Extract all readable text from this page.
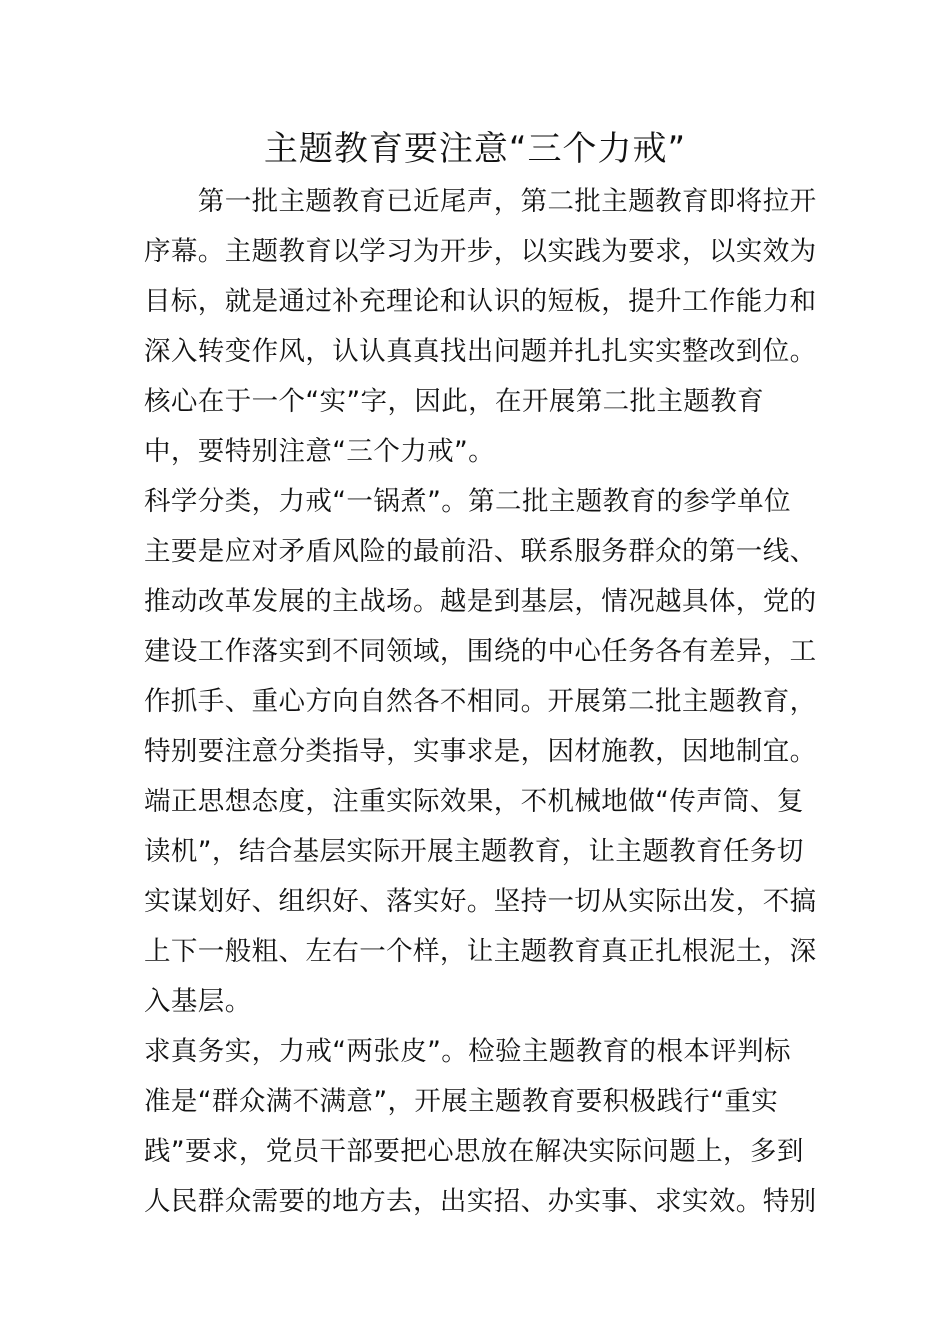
主题教育要注意“三个力戒”
　　第一批主题教育已近尾声，第二批主题教育即将拉开
序幕。主题教育以学习为开步，以实践为要求，以实效为
目标，就是通过补充理论和认识的短板，提升工作能力和
深入转变作风，认认真真找出问题并扎扎实实整改到位。
核心在于一个“实”字，因此，在开展第二批主题教育
中，要特别注意“三个力戒”。
科学分类，力戒“一锅煮”。第二批主题教育的参学单位
主要是应对矛盾风险的最前沿、联系服务群众的第一线、
推动改革发展的主战场。越是到基层，情况越具体，党的
建设工作落实到不同领域，围绕的中心任务各有差异，工
作抓手、重心方向自然各不相同。开展第二批主题教育，
特别要注意分类指导，实事求是，因材施教，因地制宜。
端正思想态度，注重实际效果，不机械地做“传声筒、复
读机”，结合基层实际开展主题教育，让主题教育任务切
实谋划好、组织好、落实好。坚持一切从实际出发，不搞
上下一般粗、左右一个样，让主题教育真正扎根泥土，深
入基层。
求真务实，力戒“两张皮”。检验主题教育的根本评判标
准是“群众满不满意”，开展主题教育要积极践行“重实
践”要求，党员干部要把心思放在解决实际问题上，多到
人民群众需要的地方去，出实招、办实事、求实效。特别
